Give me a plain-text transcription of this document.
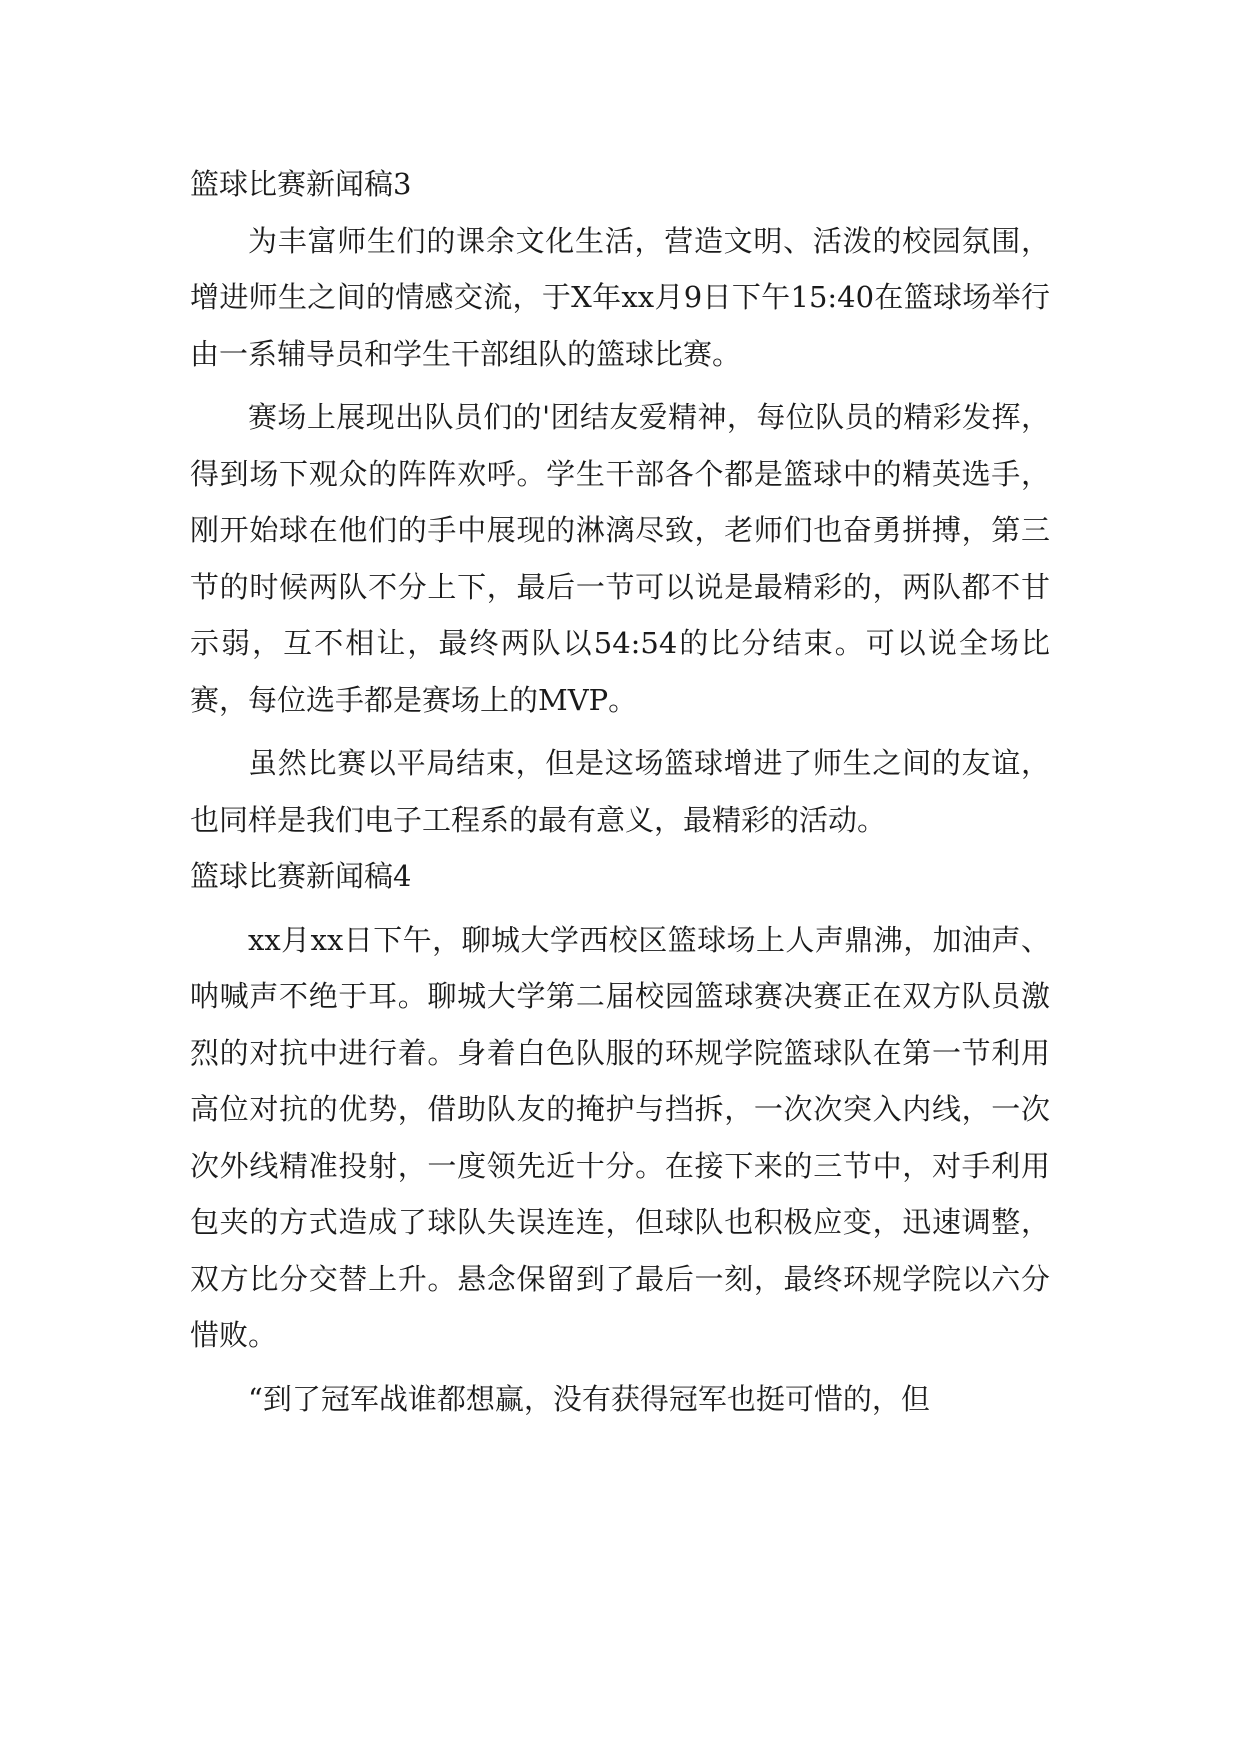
篮球比赛新闻稿3

为丰富师生们的课余文化生活，营造文明、活泼的校园氛围，增进师生之间的情感交流，于X年xx月9日下午15:40在篮球场举行由一系辅导员和学生干部组队的篮球比赛。

赛场上展现出队员们的'团结友爱精神，每位队员的精彩发挥，得到场下观众的阵阵欢呼。学生干部各个都是篮球中的精英选手，刚开始球在他们的手中展现的淋漓尽致，老师们也奋勇拼搏，第三节的时候两队不分上下，最后一节可以说是最精彩的，两队都不甘示弱，互不相让，最终两队以54:54的比分结束。可以说全场比赛，每位选手都是赛场上的MVP。

虽然比赛以平局结束，但是这场篮球增进了师生之间的友谊，也同样是我们电子工程系的最有意义，最精彩的活动。

篮球比赛新闻稿4

xx月xx日下午，聊城大学西校区篮球场上人声鼎沸，加油声、呐喊声不绝于耳。聊城大学第二届校园篮球赛决赛正在双方队员激烈的对抗中进行着。身着白色队服的环规学院篮球队在第一节利用高位对抗的优势，借助队友的掩护与挡拆，一次次突入内线，一次次外线精准投射，一度领先近十分。在接下来的三节中，对手利用包夹的方式造成了球队失误连连，但球队也积极应变，迅速调整，双方比分交替上升。悬念保留到了最后一刻，最终环规学院以六分惜败。

“到了冠军战谁都想赢，没有获得冠军也挺可惜的，但
